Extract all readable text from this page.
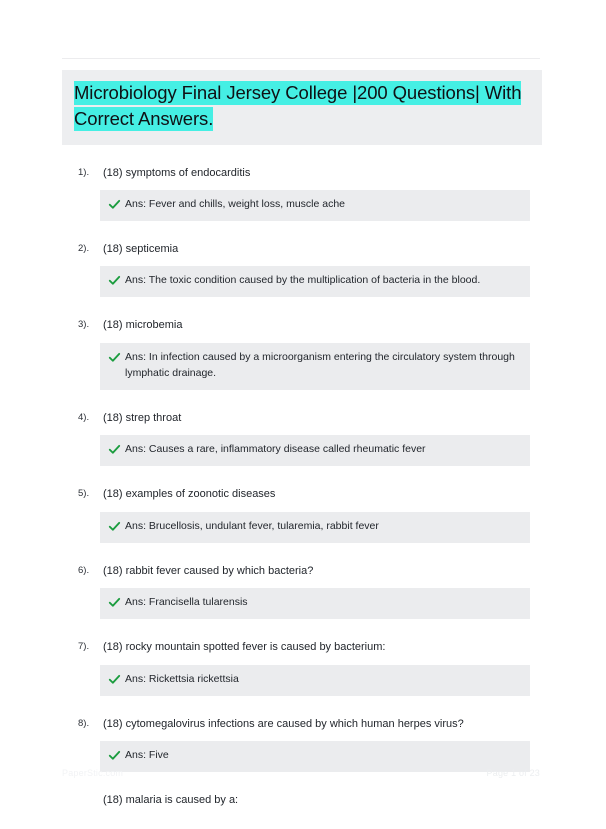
Microbiology Final Jersey College |200 Questions| With Correct Answers.
1).	(18) symptoms of endocarditis
Ans: Fever and chills, weight loss, muscle ache
2).	(18) septicemia
Ans: The toxic condition caused by the multiplication of bacteria in the blood.
3).	(18) microbemia
Ans: In infection caused by a microorganism entering the circulatory system through lymphatic drainage.
4).	(18) strep throat
Ans: Causes a rare, inflammatory disease called rheumatic fever
5).	(18) examples of zoonotic diseases
Ans: Brucellosis, undulant fever, tularemia, rabbit fever
6).	(18) rabbit fever caused by which bacteria?
Ans: Francisella tularensis
7).	(18) rocky mountain spotted fever is caused by bacterium:
Ans: Rickettsia rickettsia
8).	(18) cytomegalovirus infections are caused by which human herpes virus?
Ans: Five
(18) malaria is caused by a:
PaperStic.com	Page 1 of 23
